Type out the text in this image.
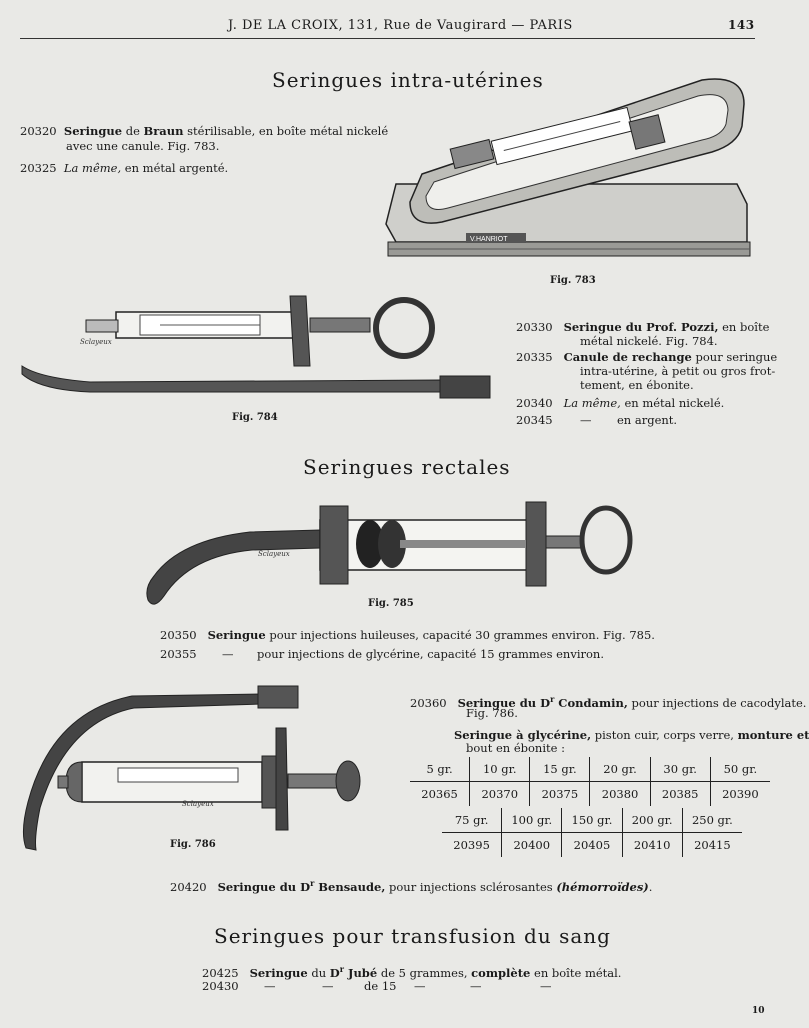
J. DE LA CROIX, 131, Rue de Vaugirard — PARIS	143
Seringues intra-utérines
20320 Seringue de Braun stérilisable, en boîte métal nickelé
avec une canule. Fig. 783.
20325 La même, en métal argenté.
V.HANRIOT
Fig. 783
Sclayeux
Fig. 784
20330 Seringue du Prof. Pozzi, en boîte
métal nickelé. Fig. 784.
20335 Canule de rechange pour seringue
intra-utérine, à petit ou gros frot-
tement, en ébonite.
20340 La même, en métal nickelé.
20345 — en argent.
Seringues rectales
Sclayeux
Fig. 785
20350 Seringue pour injections huileuses, capacité 30 grammes environ. Fig. 785.
20355 — pour injections de glycérine, capacité 15 grammes environ.
Sclayeux
Fig. 786
20360 Seringue du $D^r$ Condamin, pour injections de cacodylate.
Fig. 786.
Seringue à glycérine, piston cuir, corps verre, monture et
bout en ébonite :
5 gr.	10 gr.	15 gr.	20 gr.	30 gr.	50 gr.
20365	20370	20375	20380	20385	20390
75 gr.	100 gr.	150 gr.	200 gr.	250 gr.
20395	20400	20405	20410	20415
20420 Seringue du $D^r$ Bensaude, pour injections sclérosantes (hémorroïdes).
Seringues pour transfusion du sang
20425 Seringue du $D^r$ Jubé de 5 grammes, complète en boîte métal.
20430 —	—	de 15 —	—	—
10
